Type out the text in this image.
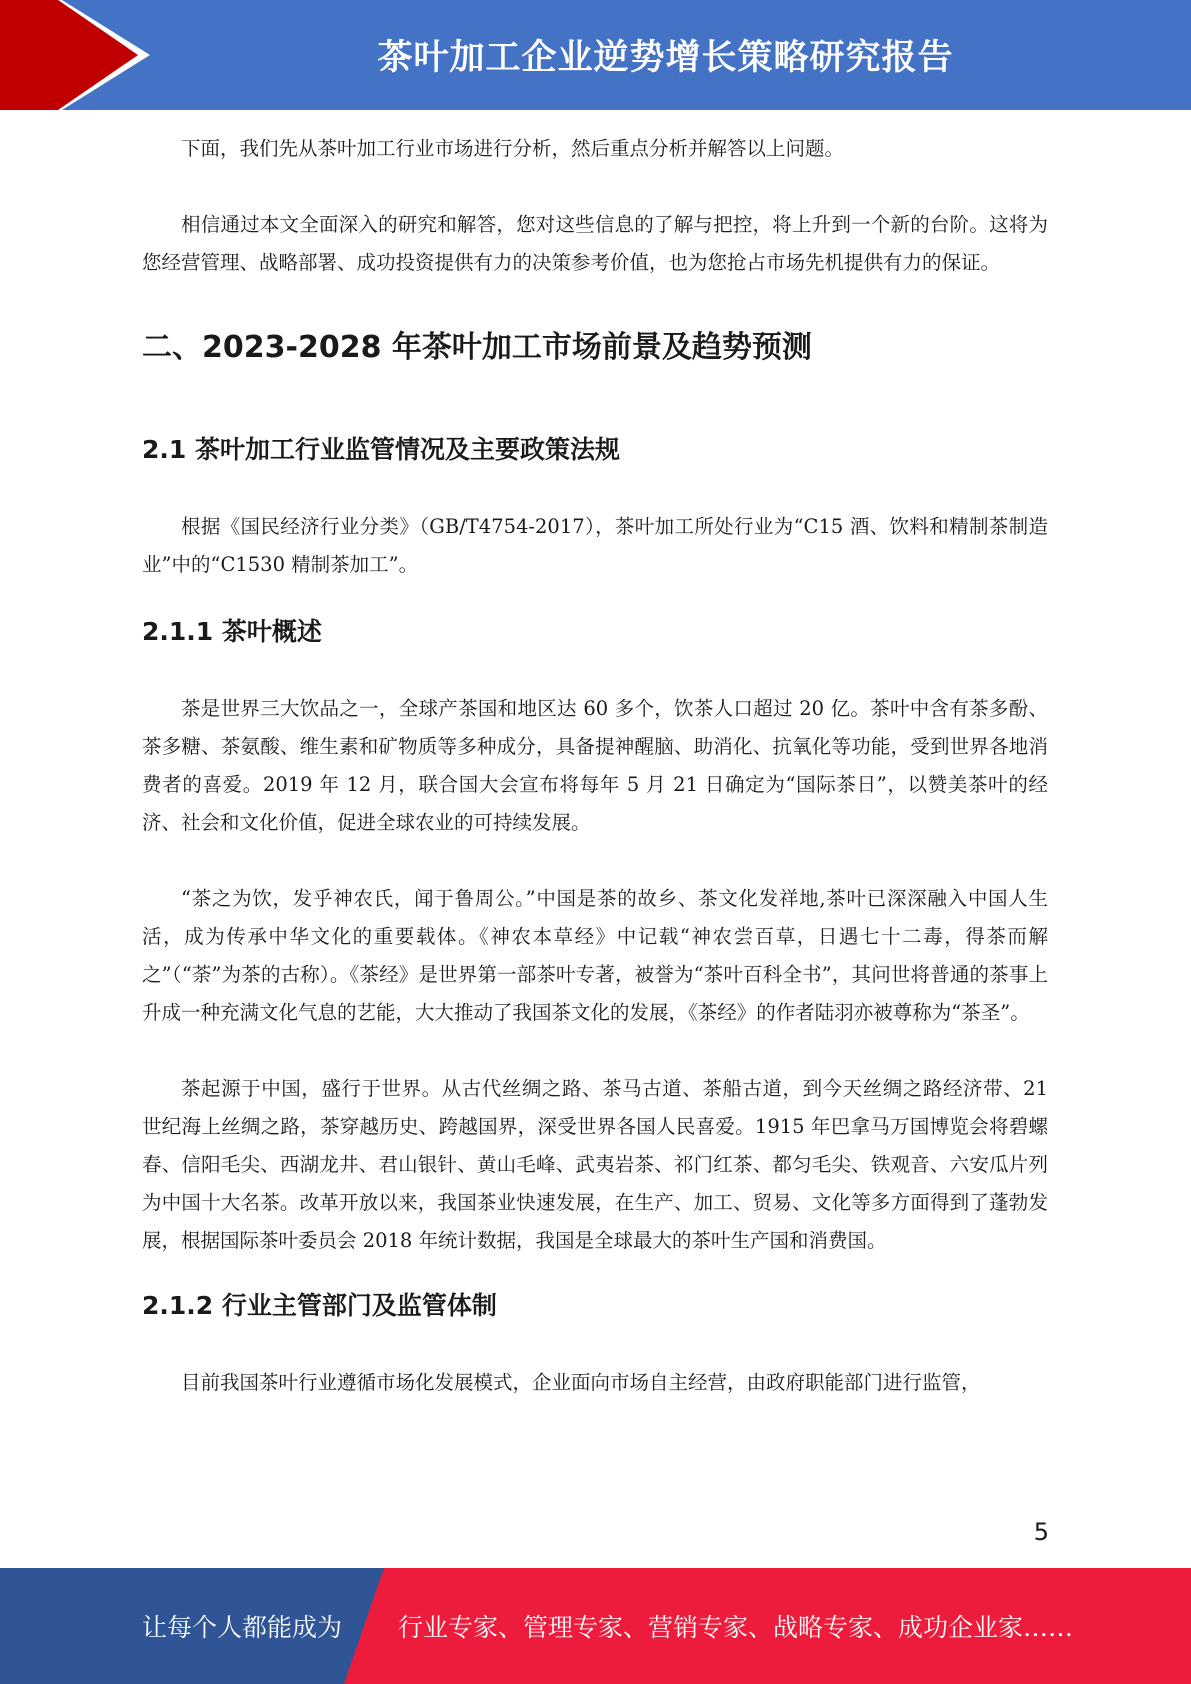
茶叶加工企业逆势增长策略研究报告

下面，我们先从茶叶加工行业市场进行分析，然后重点分析并解答以上问题。

相信通过本文全面深入的研究和解答，您对这些信息的了解与把控，将上升到一个新的台阶。这将为您经营管理、战略部署、成功投资提供有力的决策参考价值，也为您抢占市场先机提供有力的保证。

二、2023-2028 年茶叶加工市场前景及趋势预测
2.1 茶叶加工行业监管情况及主要政策法规

根据《国民经济行业分类》（GB/T4754-2017），茶叶加工所处行业为“C15 酒、饮料和精制茶制造业”中的“C1530 精制茶加工”。

2.1.1 茶叶概述

茶是世界三大饮品之一，全球产茶国和地区达 60 多个，饮茶人口超过 20 亿。茶叶中含有茶多酚、茶多糖、茶氨酸、维生素和矿物质等多种成分，具备提神醒脑、助消化、抗氧化等功能，受到世界各地消费者的喜爱。2019 年 12 月，联合国大会宣布将每年 5 月 21 日确定为“国际茶日”，以赞美茶叶的经济、社会和文化价值，促进全球农业的可持续发展。

“茶之为饮，发乎神农氏，闻于鲁周公。”中国是茶的故乡、茶文化发祥地,茶叶已深深融入中国人生活，成为传承中华文化的重要载体。《神农本草经》中记载“神农尝百草，日遇七十二毒，得茶而解之”（“荼”为茶的古称）。《茶经》是世界第一部茶叶专著，被誉为“茶叶百科全书”，其问世将普通的茶事上升成一种充满文化气息的艺能，大大推动了我国茶文化的发展，《茶经》的作者陆羽亦被尊称为“茶圣”。

茶起源于中国，盛行于世界。从古代丝绸之路、茶马古道、茶船古道，到今天丝绸之路经济带、21 世纪海上丝绸之路，茶穿越历史、跨越国界，深受世界各国人民喜爱。1915 年巴拿马万国博览会将碧螺春、信阳毛尖、西湖龙井、君山银针、黄山毛峰、武夷岩茶、祁门红茶、都匀毛尖、铁观音、六安瓜片列为中国十大名茶。改革开放以来，我国茶业快速发展，在生产、加工、贸易、文化等多方面得到了蓬勃发展，根据国际茶叶委员会 2018 年统计数据，我国是全球最大的茶叶生产国和消费国。

2.1.2 行业主管部门及监管体制

目前我国茶叶行业遵循市场化发展模式，企业面向市场自主经营，由政府职能部门进行监管，

5
让每个人都能成为 行业专家、管理专家、营销专家、战略专家、成功企业家……
